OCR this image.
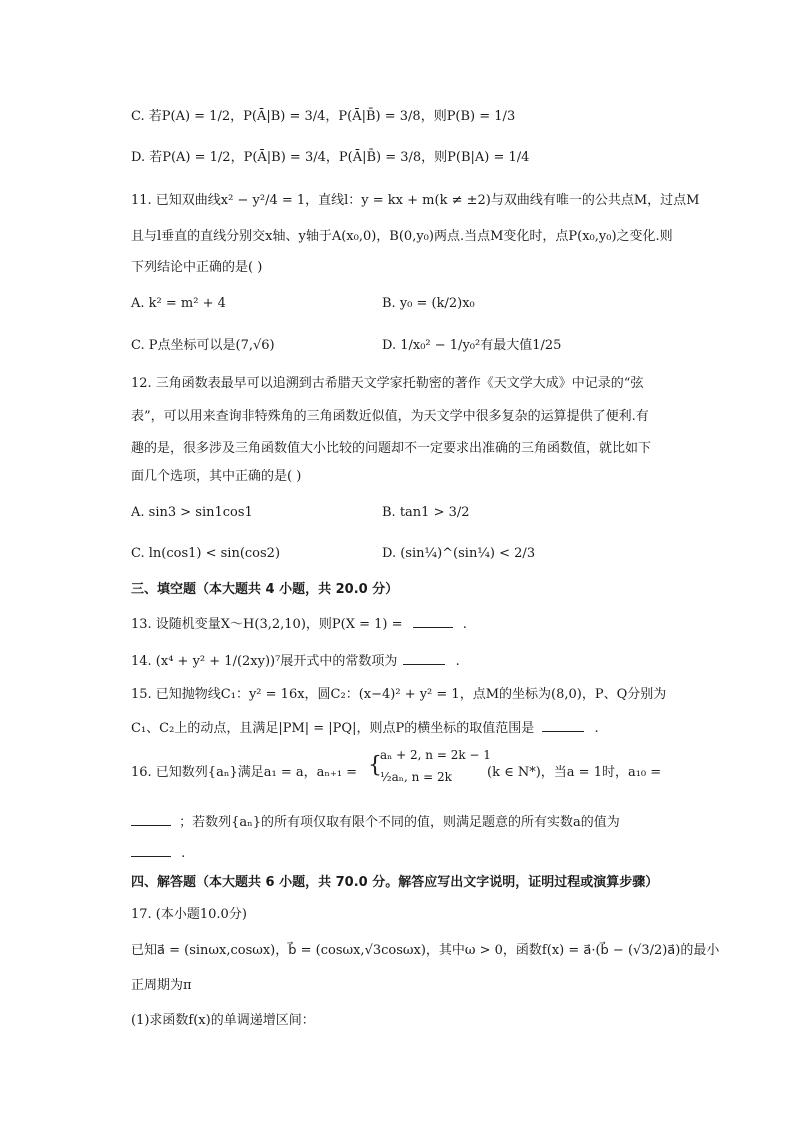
C. 若P(A) = 1/2，P(Ā|B) = 3/4，P(Ā|B̄) = 3/8，则P(B) = 1/3
D. 若P(A) = 1/2，P(Ā|B) = 3/4，P(Ā|B̄) = 3/8，则P(B|A) = 1/4
11. 已知双曲线x² − y²/4 = 1，直线l：y = kx + m(k ≠ ±2)与双曲线有唯一的公共点M，过点M
且与l垂直的直线分别交x轴、y轴于A(x₀,0)，B(0,y₀)两点.当点M变化时，点P(x₀,y₀)之变化.则
下列结论中正确的是( )
A. k² = m² + 4	B. y₀ = (k/2)x₀
C. P点坐标可以是(7,√6)	D. 1/x₀² − 1/y₀²有最大值1/25
12. 三角函数表最早可以追溯到古希腊天文学家托勒密的著作《天文学大成》中记录的“弦
表”，可以用来查询非特殊角的三角函数近似值，为天文学中很多复杂的运算提供了便利.有
趣的是，很多涉及三角函数值大小比较的问题却不一定要求出准确的三角函数值，就比如下
面几个选项，其中正确的是( )
A. sin3 > sin1cos1	B. tan1 > 3/2
C. ln(cos1) < sin(cos2)	D. (sin¼)^(sin¼) < 2/3
三、填空题（本大题共 4 小题，共 20.0 分）
13. 设随机变量X～H(3,2,10)，则P(X = 1) =	.
14. (x⁴ + y² + 1/(2xy))⁷展开式中的常数项为	.
15. 已知抛物线C₁：y² = 16x，圆C₂：(x−4)² + y² = 1，点M的坐标为(8,0)，P、Q分别为
C₁、C₂上的动点，且满足|PM| = |PQ|，则点P的横坐标的取值范围是	.
16. 已知数列{aₙ}满足a₁ = a，aₙ₊₁ = {
aₙ + 2, n = 2k − 1
½aₙ, n = 2k	(k ∈ N*)，当a = 1时，a₁₀ =
；若数列{aₙ}的所有项仅取有限个不同的值，则满足题意的所有实数a的值为
.
四、解答题（本大题共 6 小题，共 70.0 分。解答应写出文字说明，证明过程或演算步骤）
17. (本小题10.0分)
已知a⃗ = (sinωx,cosωx)，b⃗ = (cosωx,√3cosωx)，其中ω > 0，函数f(x) = a⃗·(b⃗ − (√3/2)a⃗)的最小
正周期为π
(1)求函数f(x)的单调递增区间：
